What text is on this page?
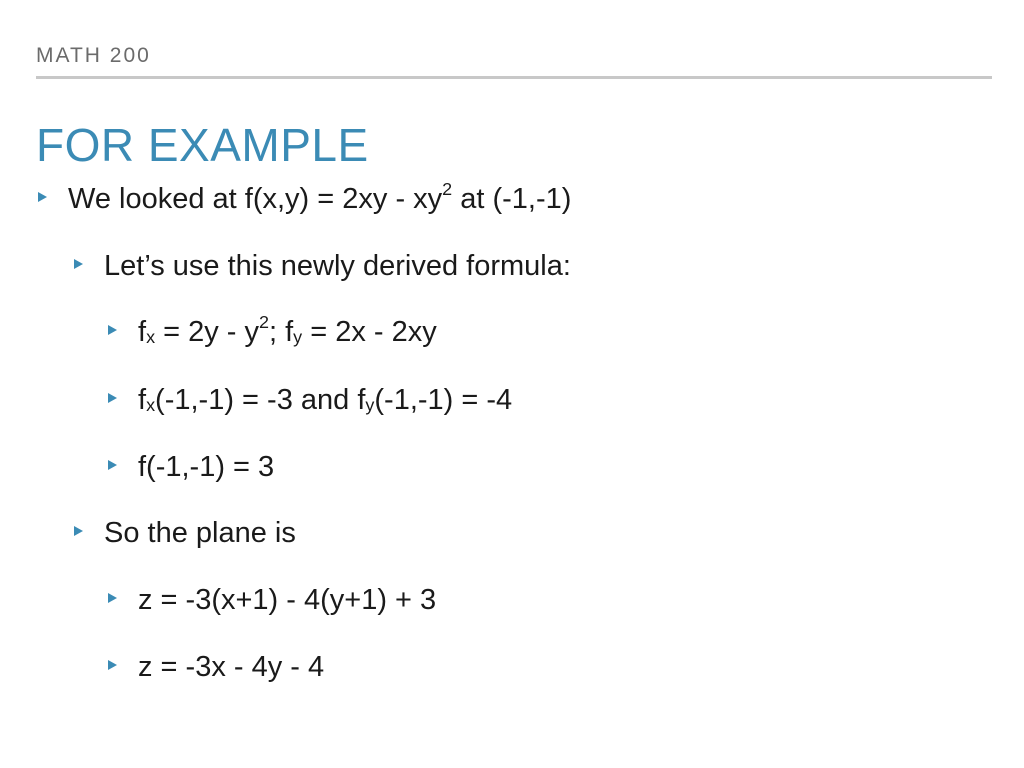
MATH 200
FOR EXAMPLE
We looked at $f(x,y) = 2xy - xy^2$ at (-1,-1)
Let’s use this newly derived formula:
$f_x = 2y - y^2$; $f_y = 2x - 2xy$
$f_x(-1,-1) = -3$ and $f_y(-1,-1) = -4$
f(-1,-1) = 3
So the plane is
z = -3(x+1) - 4(y+1) + 3
z = -3x - 4y - 4
